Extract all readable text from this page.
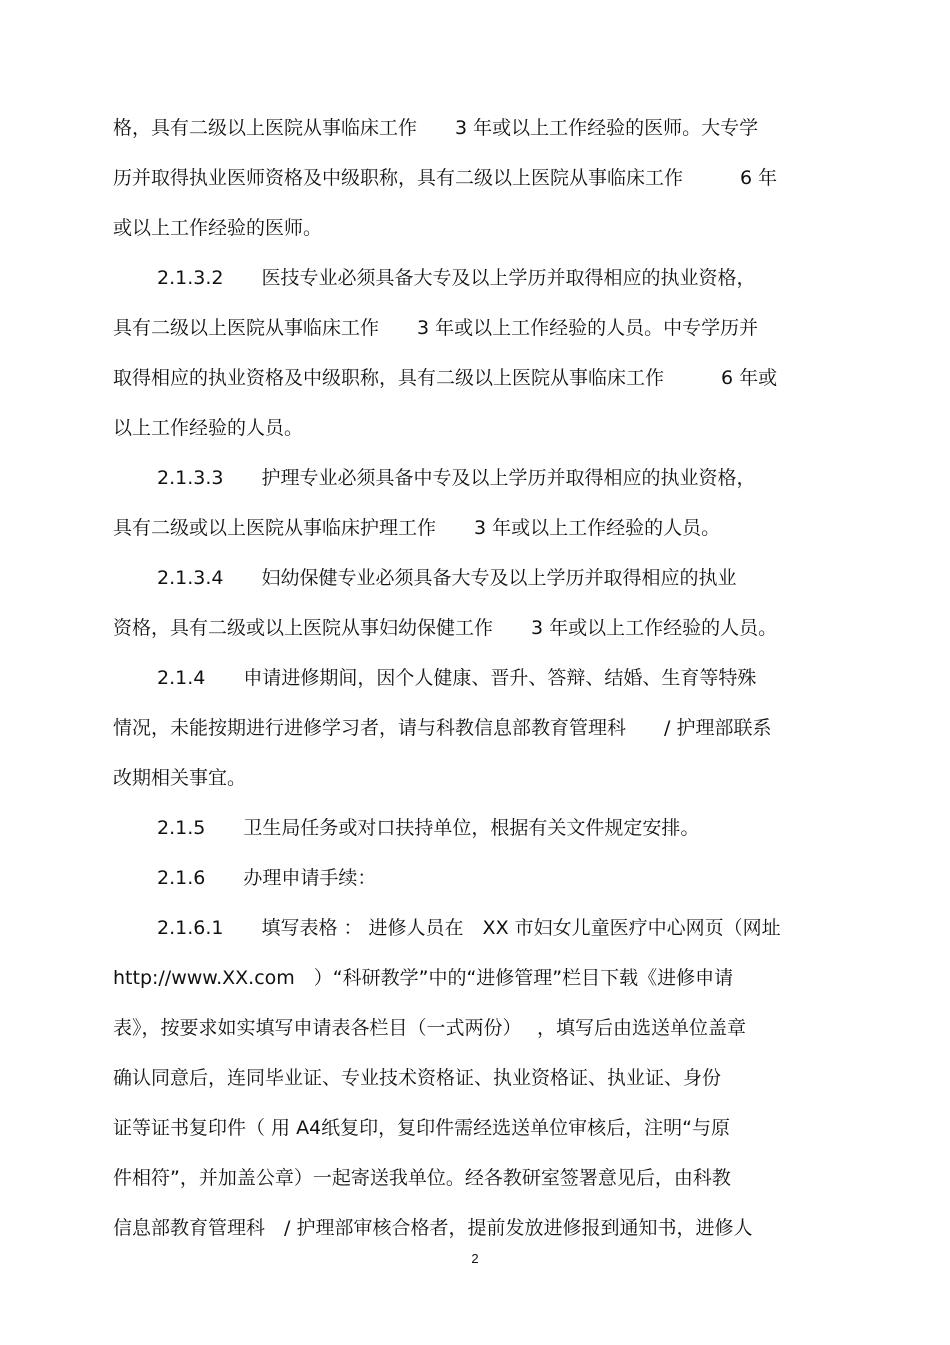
格，具有二级以上医院从事临床工作　　3 年或以上工作经验的医师。大专学
历并取得执业医师资格及中级职称，具有二级以上医院从事临床工作　　　6 年
或以上工作经验的医师。
2.1.3.2　　医技专业必须具备大专及以上学历并取得相应的执业资格，
具有二级以上医院从事临床工作　　3 年或以上工作经验的人员。中专学历并
取得相应的执业资格及中级职称，具有二级以上医院从事临床工作　　　6 年或
以上工作经验的人员。
2.1.3.3　　护理专业必须具备中专及以上学历并取得相应的执业资格，
具有二级或以上医院从事临床护理工作　　3 年或以上工作经验的人员。
2.1.3.4　　妇幼保健专业必须具备大专及以上学历并取得相应的执业
资格，具有二级或以上医院从事妇幼保健工作　　3 年或以上工作经验的人员。
2.1.4　　申请进修期间，因个人健康、晋升、答辩、结婚、生育等特殊
情况，未能按期进行进修学习者，请与科教信息部教育管理科　　/ 护理部联系
改期相关事宜。
2.1.5　　卫生局任务或对口扶持单位，根据有关文件规定安排。
2.1.6　　办理申请手续：
2.1.6.1　　填写表格 ： 进修人员在　XX 市妇女儿童医疗中心网页（网址
http://www.XX.com　）“科研教学”中的“进修管理”栏目下载《进修申请
表》，按要求如实填写申请表各栏目（一式两份）　 ，填写后由选送单位盖章
确认同意后，连同毕业证、专业技术资格证、执业资格证、执业证、身份
证等证书复印件（ 用 A4纸复印，复印件需经选送单位审核后，注明“与原
件相符”，并加盖公章）一起寄送我单位。经各教研室签署意见后，由科教
信息部教育管理科　/ 护理部审核合格者，提前发放进修报到通知书，进修人
2
